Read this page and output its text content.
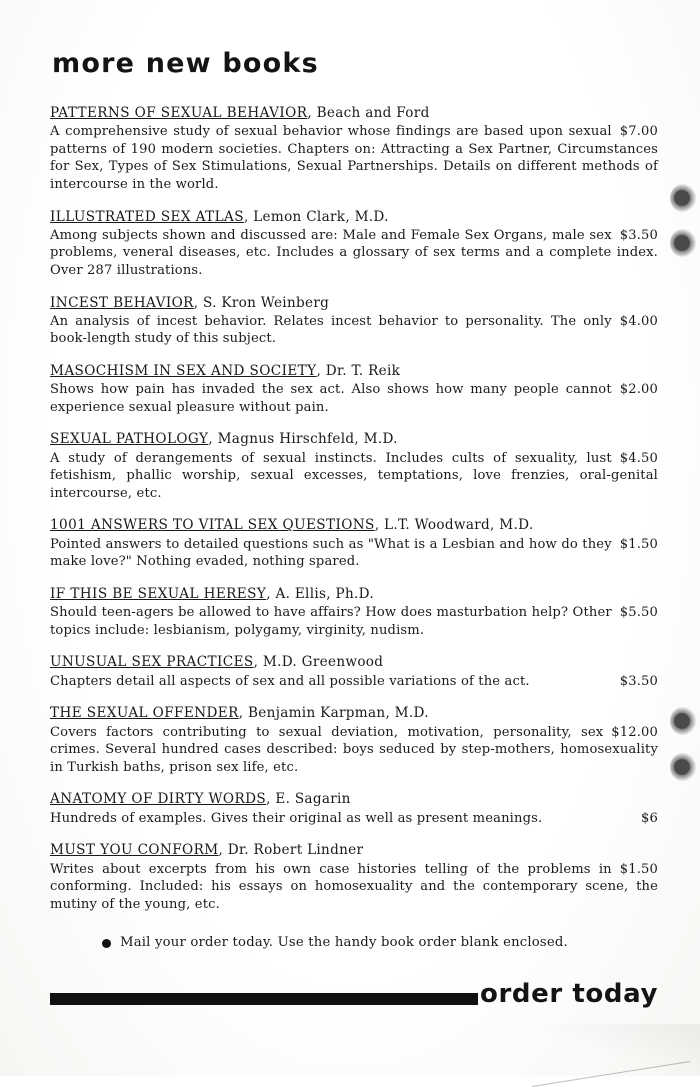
more new books
PATTERNS OF SEXUAL BEHAVIOR, Beach and Ford
$7.00
A comprehensive study of sexual behavior whose findings are based upon sexual patterns of 190 modern societies. Chapters on: Attracting a Sex Partner, Circumstances for Sex, Types of Sex Stimulations, Sexual Partnerships. Details on different methods of intercourse in the world.
ILLUSTRATED SEX ATLAS, Lemon Clark, M.D.
$3.50
Among subjects shown and discussed are: Male and Female Sex Organs, male sex problems, veneral diseases, etc. Includes a glossary of sex terms and a complete index. Over 287 illustrations.
INCEST BEHAVIOR, S. Kron Weinberg
$4.00
An analysis of incest behavior. Relates incest behavior to personality. The only book-length study of this subject.
MASOCHISM IN SEX AND SOCIETY, Dr. T. Reik
$2.00
Shows how pain has invaded the sex act. Also shows how many people cannot experience sexual pleasure without pain.
SEXUAL PATHOLOGY, Magnus Hirschfeld, M.D.
$4.50
A study of derangements of sexual instincts. Includes cults of sexuality, lust fetishism, phallic worship, sexual excesses, temptations, love frenzies, oral-genital intercourse, etc.
1001 ANSWERS TO VITAL SEX QUESTIONS, L.T. Woodward, M.D.
$1.50
Pointed answers to detailed questions such as "What is a Lesbian and how do they make love?" Nothing evaded, nothing spared.
IF THIS BE SEXUAL HERESY, A. Ellis, Ph.D.
$5.50
Should teen-agers be allowed to have affairs? How does masturbation help? Other topics include: lesbianism, polygamy, virginity, nudism.
UNUSUAL SEX PRACTICES, M.D. Greenwood
$3.50
Chapters detail all aspects of sex and all possible variations of the act.
THE SEXUAL OFFENDER, Benjamin Karpman, M.D.
$12.00
Covers factors contributing to sexual deviation, motivation, personality, sex crimes. Several hundred cases described: boys seduced by step-mothers, homosexuality in Turkish baths, prison sex life, etc.
ANATOMY OF DIRTY WORDS, E. Sagarin
$6
Hundreds of examples. Gives their original as well as present meanings.
MUST YOU CONFORM, Dr. Robert Lindner
$1.50
Writes about excerpts from his own case histories telling of the problems in conforming. Included: his essays on homosexuality and the contemporary scene, the mutiny of the young, etc.
Mail your order today. Use the handy book order blank enclosed.
order today
